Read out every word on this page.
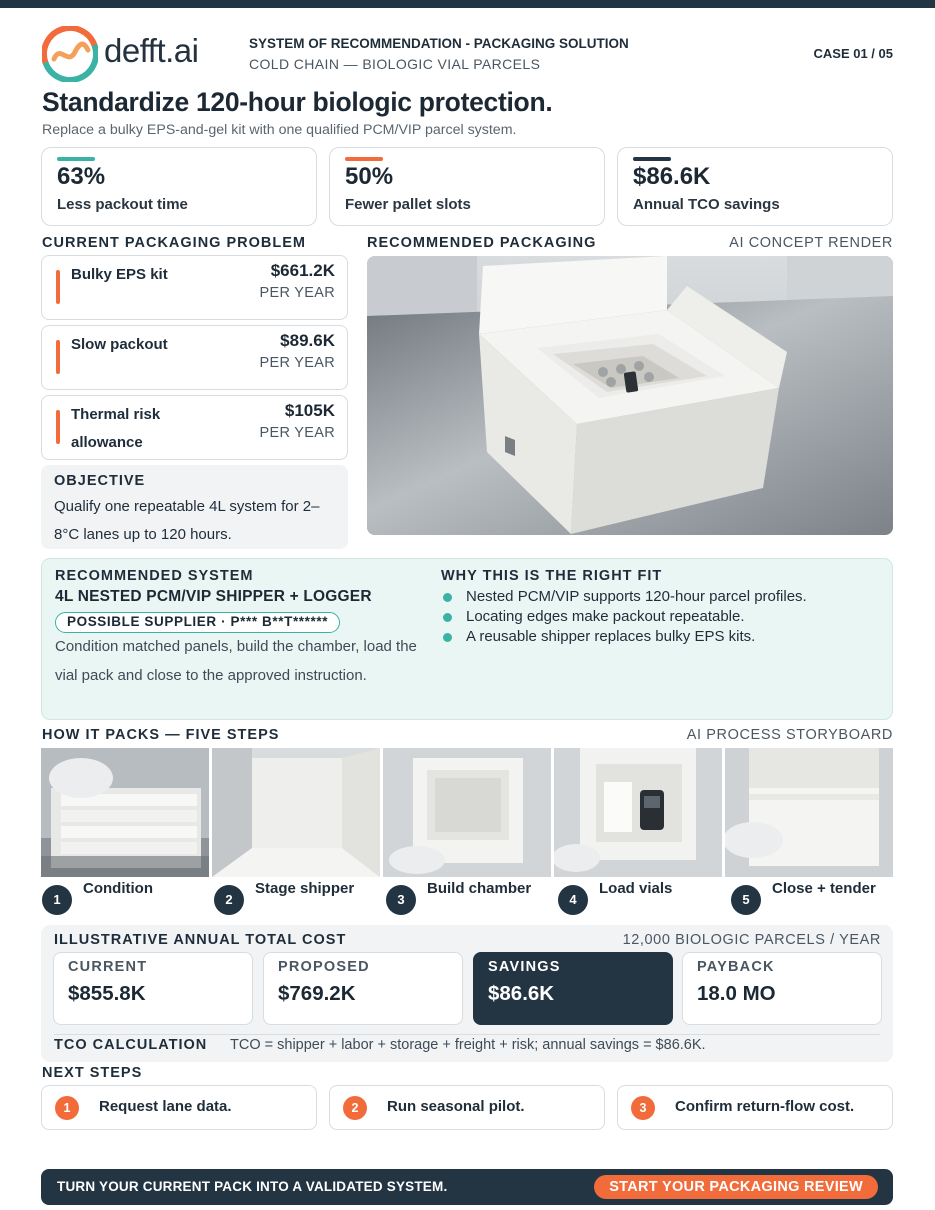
defft.ai	SYSTEM OF RECOMMENDATION - PACKAGING SOLUTION
COLD CHAIN — BIOLOGIC VIAL PARCELS
CASE 01 / 05
Standardize 120-hour biologic protection.
Replace a bulky EPS-and-gel kit with one qualified PCM/VIP parcel system.
63%
Less packout time
50%
Fewer pallet slots
$86.6K
Annual TCO savings
CURRENT PACKAGING PROBLEM
Bulky EPS kit	$661.2K
PER YEAR
Slow packout	$89.6K
PER YEAR
Thermal risk allowance
$105K
PER YEAR
OBJECTIVE
Qualify one repeatable 4L system for 2–8°C lanes up to 120 hours.
RECOMMENDED PACKAGING	AI CONCEPT RENDER
RECOMMENDED SYSTEM
4L NESTED PCM/VIP SHIPPER + LOGGER
POSSIBLE SUPPLIER · P*** B**T******
Condition matched panels, build the chamber, load the vial pack and close to the approved instruction.
WHY THIS IS THE RIGHT FIT
Nested PCM/VIP supports 120-hour parcel profiles.
Locating edges make packout repeatable.
A reusable shipper replaces bulky EPS kits.
HOW IT PACKS — FIVE STEPS	AI PROCESS STORYBOARD
1
Condition
2
Stage shipper
3
Build chamber
4
Load vials
5
Close + tender
ILLUSTRATIVE ANNUAL TOTAL COST	12,000 BIOLOGIC PARCELS / YEAR
CURRENT
$855.8K
PROPOSED
$769.2K
SAVINGS
$86.6K
PAYBACK
18.0 MO
TCO CALCULATION TCO = shipper + labor + storage + freight + risk; annual savings = $86.6K.
NEXT STEPS
1	Request lane data.	2	Run seasonal pilot.	3	Confirm return-flow cost.
TURN YOUR CURRENT PACK INTO A VALIDATED SYSTEM.	START YOUR PACKAGING REVIEW
